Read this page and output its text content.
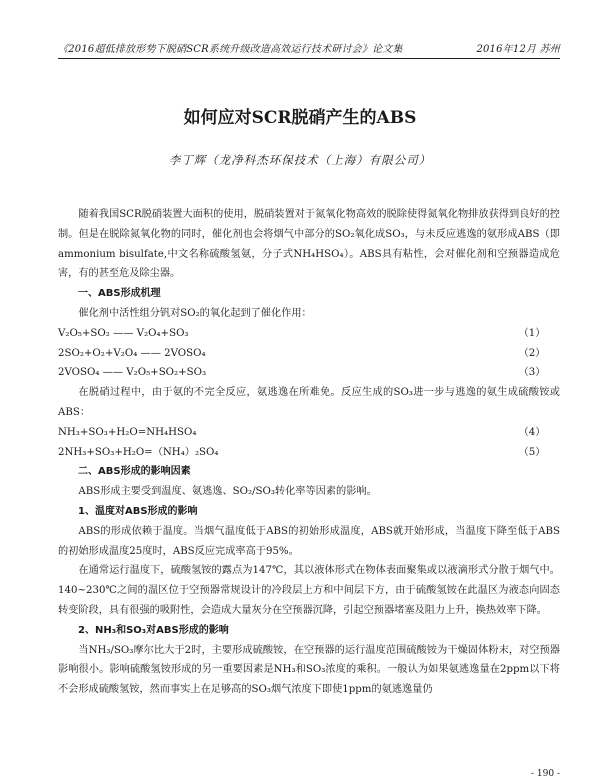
《2016超低排放形势下脱硝SCR系统升级改造高效运行技术研讨会》论文集	2016年12月 苏州
如何应对SCR脱硝产生的ABS
李丁辉（龙净科杰环保技术（上海）有限公司）

随着我国SCR脱硝装置大面积的使用，脱硝装置对于氮氧化物高效的脱除使得氮氧化物排放获得到良好的控制。但是在脱除氮氧化物的同时，催化剂也会将烟气中部分的SO₂氧化成SO₃，与未反应逃逸的氨形成ABS（即ammonium bisulfate,中文名称硫酸氢氨，分子式NH₄HSO₄）。ABS具有粘性，会对催化剂和空预器造成危害，有的甚至危及除尘器。

一、ABS形成机理

催化剂中活性组分钒对SO₂的氧化起到了催化作用：

V₂O₅+SO₂ —— V₂O₄+SO₃	（1）
2SO₂+O₂+V₂O₄ —— 2VOSO₄	（2）
2VOSO₄ —— V₂O₅+SO₂+SO₃	（3）

在脱硝过程中，由于氨的不完全反应，氨逃逸在所难免。反应生成的SO₃进一步与逃逸的氨生成硫酸铵或ABS：

NH₃+SO₃+H₂O=NH₄HSO₄	（4）
2NH₃+SO₃+H₂O=（NH₄）₂SO₄	（5）

二、ABS形成的影响因素

ABS形成主要受到温度、氨逃逸、SO₂/SO₃转化率等因素的影响。

1、温度对ABS形成的影响

ABS的形成依赖于温度。当烟气温度低于ABS的初始形成温度，ABS就开始形成，当温度下降至低于ABS的初始形成温度25度时，ABS反应完成率高于95%。

在通常运行温度下，硫酸氢铵的露点为147℃，其以液体形式在物体表面聚集或以液滴形式分散于烟气中。140~230℃之间的温区位于空预器常规设计的冷段层上方和中间层下方，由于硫酸氢铵在此温区为液态向固态转变阶段，具有很强的吸附性，会造成大量灰分在空预器沉降，引起空预器堵塞及阻力上升，换热效率下降。

2、NH₃和SO₃对ABS形成的影响

当NH₃/SO₃摩尔比大于2时，主要形成硫酸铵，在空预器的运行温度范围硫酸铵为干燥固体粉末，对空预器影响很小。影响硫酸氢铵形成的另一重要因素是NH₃和SO₃浓度的乘积。一般认为如果氨逃逸量在2ppm以下将不会形成硫酸氢铵，然而事实上在足够高的SO₃烟气浓度下即使1ppm的氨逃逸量仍

- 190 -
